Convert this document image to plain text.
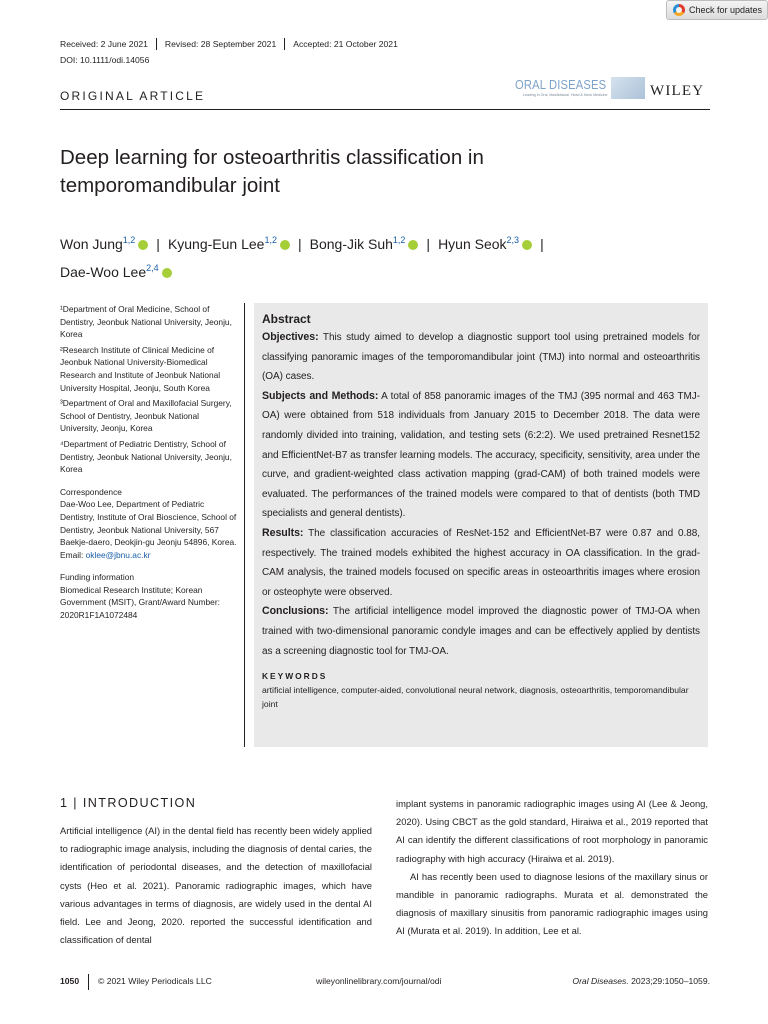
Check for updates
Received: 2 June 2021	Revised: 28 September 2021	Accepted: 21 October 2021
DOI: 10.1111/odi.14056
ORIGINAL ARTICLE
ORAL DISEASES
Leading in Oral, Maxillofacial, Head & Neck Medicine	WILEY
Deep learning for osteoarthritis classification in temporomandibular joint
Won Jung$^{1,2}$ | Kyung-Eun Lee$^{1,2}$ | Bong-Jik Suh$^{1,2}$ | Hyun Seok$^{2,3}$ |
Dae-Woo Lee$^{2,4}$

¹Department of Oral Medicine, School of Dentistry, Jeonbuk National University, Jeonju, Korea

²Research Institute of Clinical Medicine of Jeonbuk National University-Biomedical Research and Institute of Jeonbuk National University Hospital, Jeonju, South Korea

³Department of Oral and Maxillofacial Surgery, School of Dentistry, Jeonbuk National University, Jeonju, Korea

⁴Department of Pediatric Dentistry, School of Dentistry, Jeonbuk National University, Jeonju, Korea

Correspondence

Dae-Woo Lee, Department of Pediatric Dentistry, Institute of Oral Bioscience, School of Dentistry, Jeonbuk National University, 567 Baekje-daero, Deokjin-gu Jeonju 54896, Korea.

Email: oklee@jbnu.ac.kr

Funding information

Biomedical Research Institute; Korean Government (MSIT), Grant/Award Number: 2020R1F1A1072484

Abstract
Objectives: This study aimed to develop a diagnostic support tool using pretrained models for classifying panoramic images of the temporomandibular joint (TMJ) into normal and osteoarthritis (OA) cases.
Subjects and Methods: A total of 858 panoramic images of the TMJ (395 normal and 463 TMJ-OA) were obtained from 518 individuals from January 2015 to December 2018. The data were randomly divided into training, validation, and testing sets (6:2:2). We used pretrained Resnet152 and EfficientNet-B7 as transfer learning models. The accuracy, specificity, sensitivity, area under the curve, and gradient-weighted class activation mapping (grad-CAM) of both trained models were evaluated. The performances of the trained models were compared to that of dentists (both TMD specialists and general dentists).
Results: The classification accuracies of ResNet-152 and EfficientNet-B7 were 0.87 and 0.88, respectively. The trained models exhibited the highest accuracy in OA classification. In the grad-CAM analysis, the trained models focused on specific areas in osteoarthritis images where erosion or osteophyte were observed.
Conclusions: The artificial intelligence model improved the diagnostic power of TMJ-OA when trained with two-dimensional panoramic condyle images and can be effectively applied by dentists as a screening diagnostic tool for TMJ-OA.
KEYWORDS
artificial intelligence, computer-aided, convolutional neural network, diagnosis, osteoarthritis, temporomandibular joint
1 | INTRODUCTION

Artificial intelligence (AI) in the dental field has recently been widely applied to radiographic image analysis, including the diagnosis of dental caries, the identification of periodontal diseases, and the detection of maxillofacial cysts (Heo et al. 2021). Panoramic radiographic images, which have various advantages in terms of diagnosis, are widely used in the dental AI field. Lee and Jeong, 2020. reported the successful identification and classification of dental

implant systems in panoramic radiographic images using AI (Lee & Jeong, 2020). Using CBCT as the gold standard, Hiraiwa et al., 2019 reported that AI can identify the different classifications of root morphology in panoramic radiography with high accuracy (Hiraiwa et al. 2019).

AI has recently been used to diagnose lesions of the maxillary sinus or mandible in panoramic radiographs. Murata et al. demonstrated the diagnosis of maxillary sinusitis from panoramic radiographic images using AI (Murata et al. 2019). In addition, Lee et al.

1050 © 2021 Wiley Periodicals LLC	wileyonlinelibrary.com/journal/odi	Oral Diseases. 2023;29:1050–1059.
